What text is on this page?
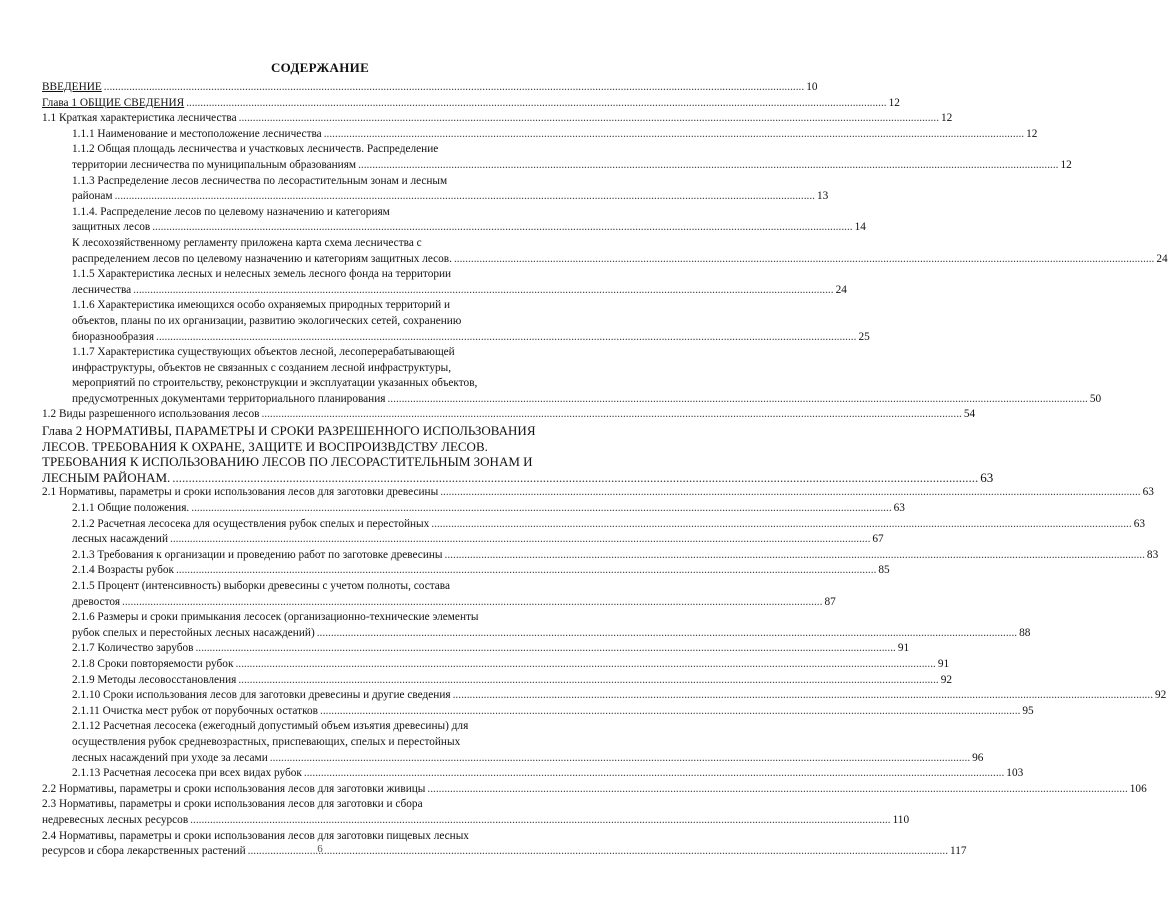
СОДЕРЖАНИЕ
ВВЕДЕНИЕ .....	10
Глава 1 ОБЩИЕ СВЕДЕНИЯ .....	12
1.1 Краткая характеристика лесничества .....	12
1.1.1 Наименование и местоположение лесничества .....	12
1.1.2 Общая площадь лесничества и участковых лесничеств. Распределение
территории лесничества по муниципальным образованиям .....	12
1.1.3 Распределение лесов лесничества по лесорастительным зонам и лесным
районам .....	13
1.1.4. Распределение лесов по целевому назначению и категориям
защитных лесов .....	14
К лесохозяйственному регламенту приложена карта схема лесничества с
распределением лесов по целевому назначению и категориям защитных лесов. .....	24
1.1.5 Характеристика лесных и нелесных земель лесного фонда на территории
лесничества .....	24
1.1.6 Характеристика имеющихся особо охраняемых природных территорий и
объектов, планы по их организации, развитию экологических сетей, сохранению
биоразнообразия .....	25
1.1.7 Характеристика существующих объектов лесной, лесоперерабатывающей
инфраструктуры, объектов не связанных с созданием лесной инфраструктуры,
мероприятий по строительству, реконструкции и эксплуатации указанных объектов,
предусмотренных документами территориального планирования .....	50
1.2 Виды разрешенного использования лесов .....	54
Глава 2 НОРМАТИВЫ, ПАРАМЕТРЫ И СРОКИ РАЗРЕШЕННОГО ИСПОЛЬЗОВАНИЯ
ЛЕСОВ. ТРЕБОВАНИЯ К ОХРАНЕ, ЗАЩИТЕ И ВОСПРОИЗВДСТВУ ЛЕСОВ.
ТРЕБОВАНИЯ К ИСПОЛЬЗОВАНИЮ ЛЕСОВ ПО ЛЕСОРАСТИТЕЛЬНЫМ ЗОНАМ И
ЛЕСНЫМ РАЙОНАМ. .....	63
2.1 Нормативы, параметры и сроки использования лесов для заготовки древесины .....	63
2.1.1 Общие положения. .....	63
2.1.2 Расчетная лесосека для осуществления рубок спелых и перестойных .....	63
лесных насаждений .....	67
2.1.3 Требования к организации и проведению работ по заготовке древесины .....	83
2.1.4 Возрасты рубок .....	85
2.1.5 Процент (интенсивность) выборки древесины с учетом полноты, состава
древостоя .....	87
2.1.6 Размеры и сроки примыкания лесосек (организационно-технические элементы
рубок спелых и перестойных лесных насаждений) .....	88
2.1.7 Количество зарубов .....	91
2.1.8 Сроки повторяемости рубок .....	91
2.1.9 Методы лесовосстановления .....	92
2.1.10 Сроки использования лесов для заготовки древесины и другие сведения .....	92
2.1.11 Очистка мест рубок от порубочных остатков .....	95
2.1.12 Расчетная лесосека (ежегодный допустимый объем изъятия древесины) для
осуществления рубок средневозрастных, приспевающих, спелых и перестойных
лесных насаждений при уходе за лесами .....	96
2.1.13 Расчетная лесосека при всех видах рубок .....	103
2.2 Нормативы, параметры и сроки использования лесов для заготовки живицы .....	106
2.3 Нормативы, параметры и сроки использования лесов для заготовки и сбора
недревесных лесных ресурсов .....	110
2.4 Нормативы, параметры и сроки использования лесов для заготовки пищевых лесных
ресурсов и сбора лекарственных растений .....	117
6
